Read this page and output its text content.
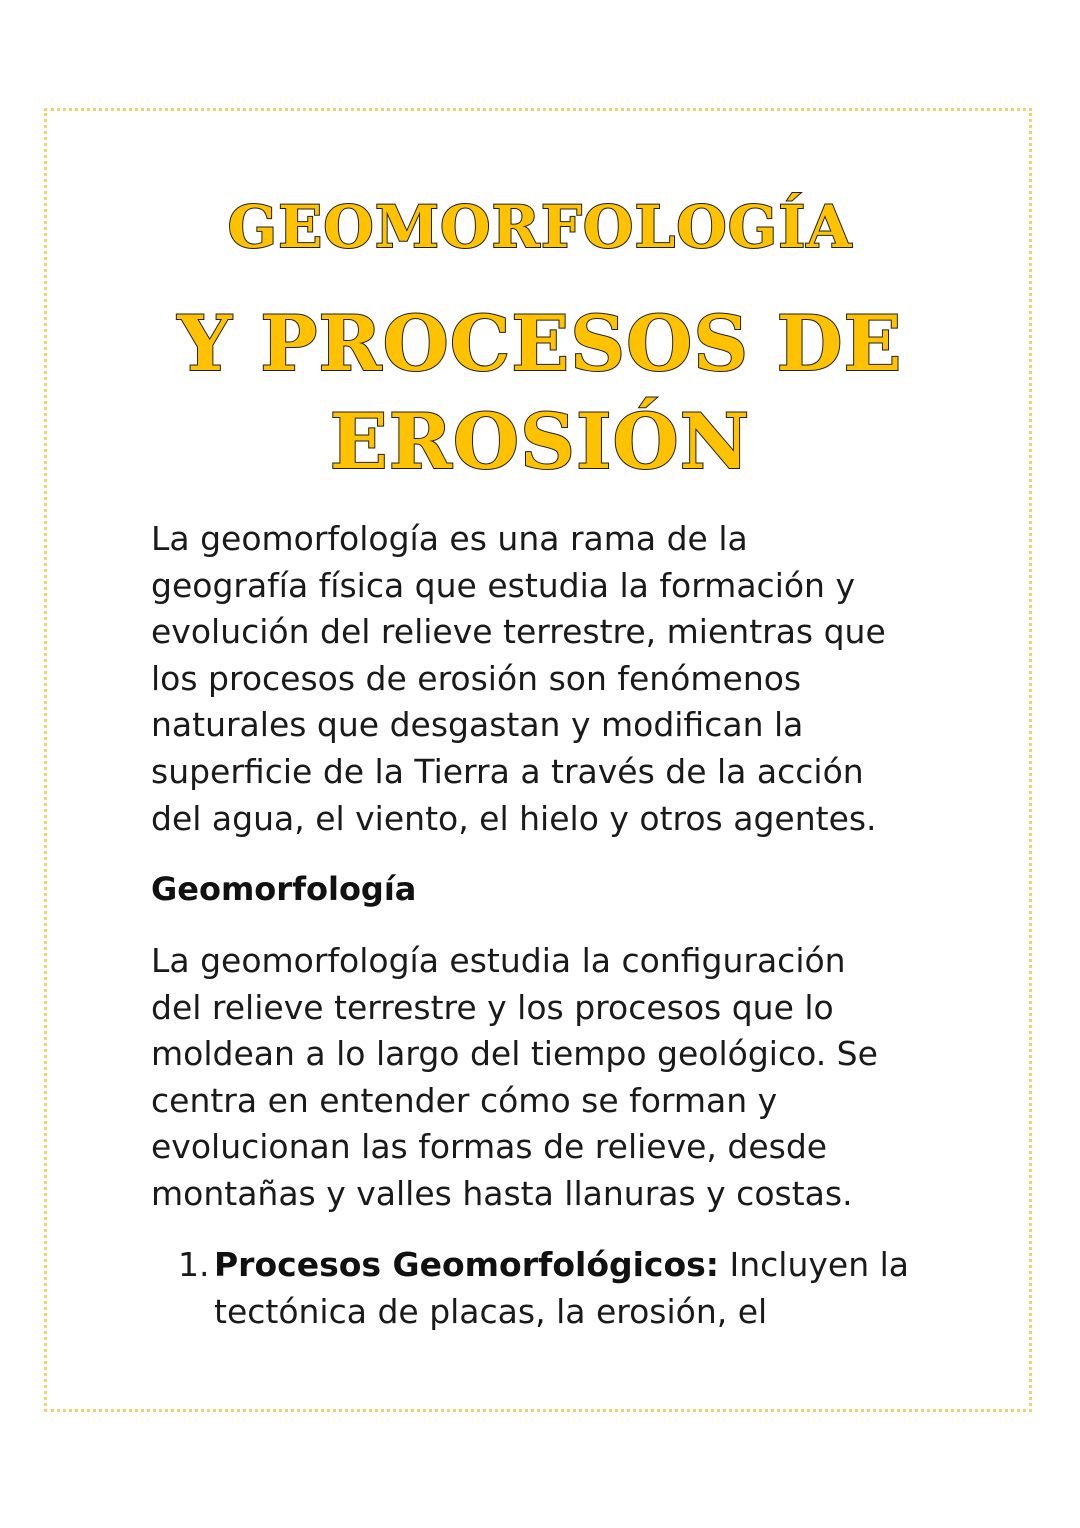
GEOMORFOLOGÍA
Y PROCESOS DE
EROSIÓN
La geomorfología es una rama de la
geografía física que estudia la formación y
evolución del relieve terrestre, mientras que
los procesos de erosión son fenómenos
naturales que desgastan y modifican la
superficie de la Tierra a través de la acción
del agua, el viento, el hielo y otros agentes.
Geomorfología
La geomorfología estudia la configuración
del relieve terrestre y los procesos que lo
moldean a lo largo del tiempo geológico. Se
centra en entender cómo se forman y
evolucionan las formas de relieve, desde
montañas y valles hasta llanuras y costas.
1. Procesos Geomorfológicos: Incluyen la
tectónica de placas, la erosión, el
